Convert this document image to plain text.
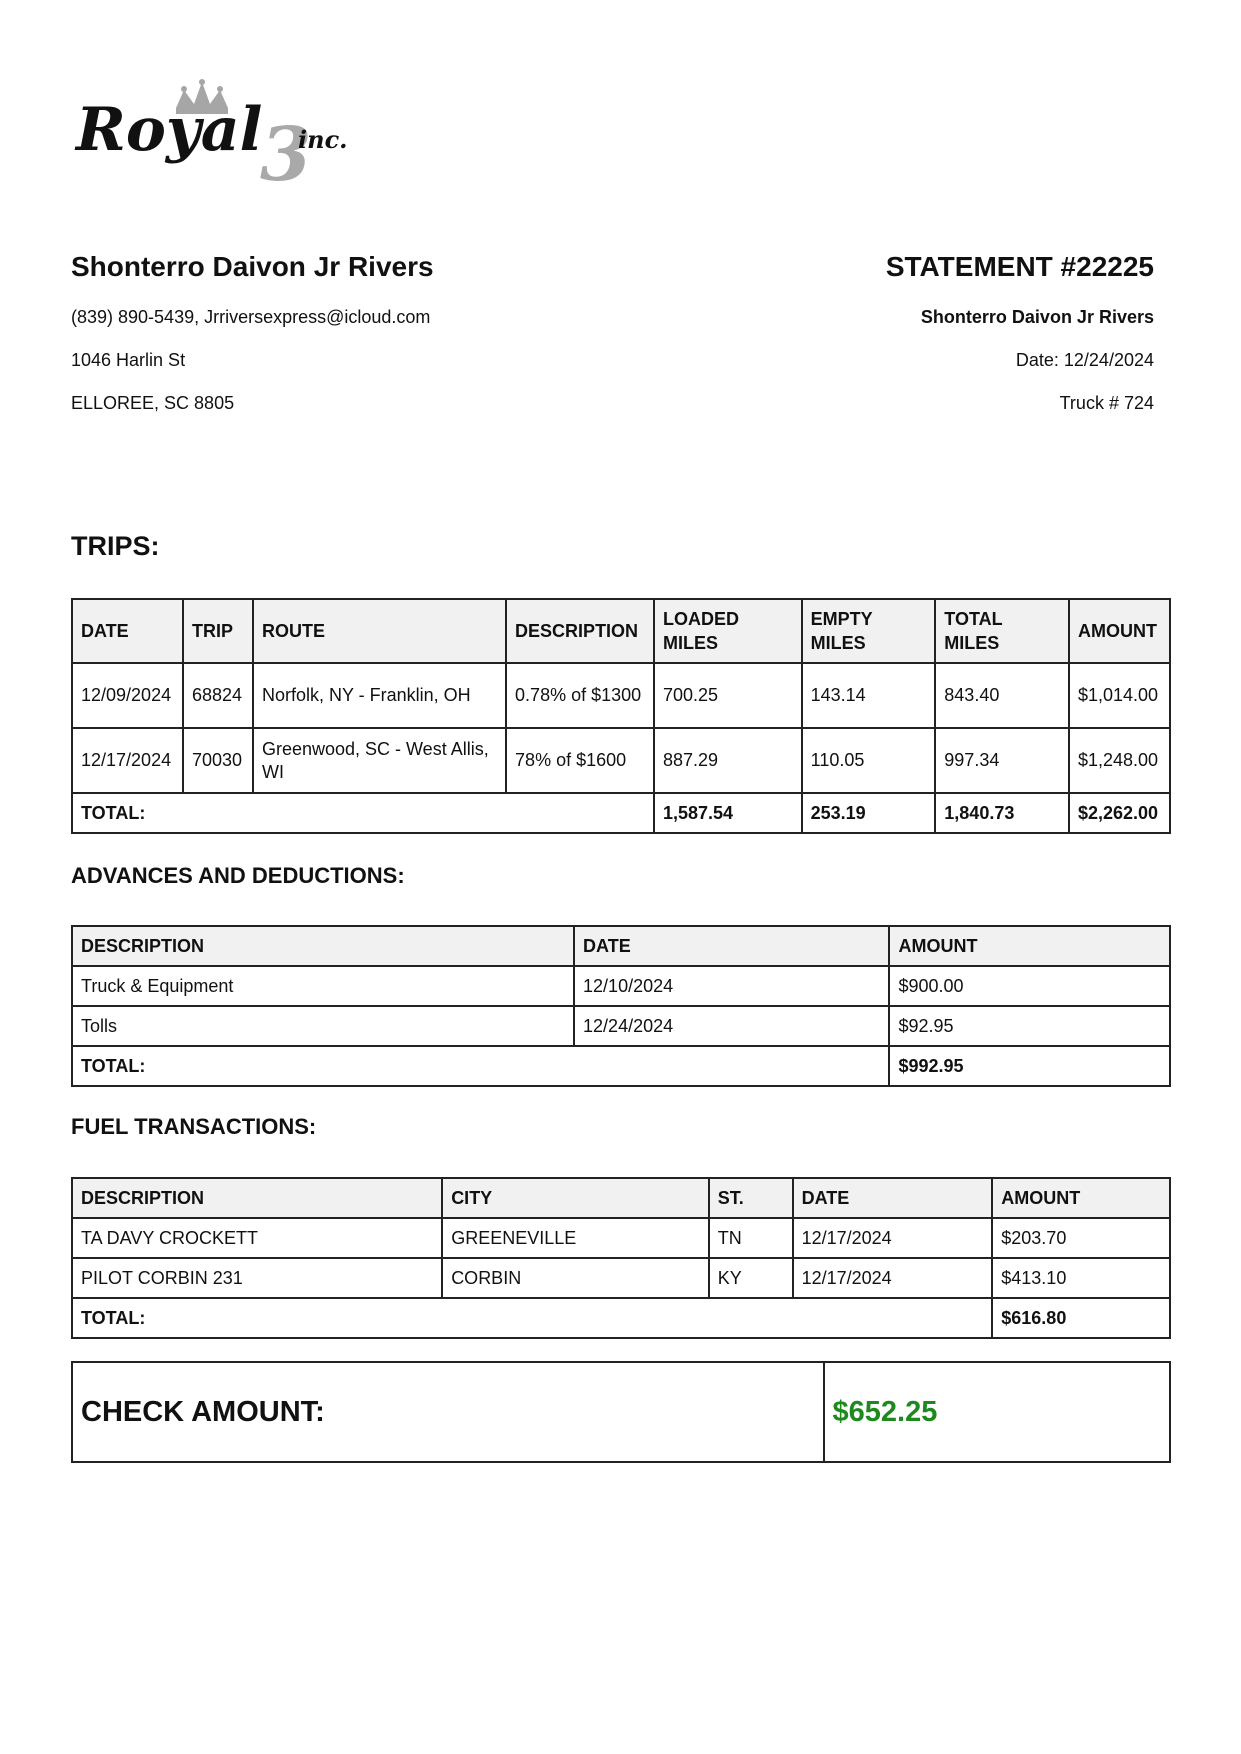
Royal
3
inc.
Shonterro Daivon Jr Rivers
(839) 890-5439, Jrriversexpress@icloud.com
1046 Harlin St
ELLOREE, SC 8805
STATEMENT #22225
Shonterro Daivon Jr Rivers
Date: 12/24/2024
Truck # 724
TRIPS:
DATE	TRIP	ROUTE	DESCRIPTION	LOADED MILES	EMPTY MILES	TOTAL MILES	AMOUNT
12/09/2024	68824	Norfolk, NY - Franklin, OH	0.78% of $1300	700.25	143.14	843.40	$1,014.00
12/17/2024	70030	Greenwood, SC - West Allis, WI	78% of $1600	887.29	110.05	997.34	$1,248.00
TOTAL:				1,587.54	253.19	1,840.73	$2,262.00
ADVANCES AND DEDUCTIONS:
DESCRIPTION	DATE	AMOUNT
Truck & Equipment	12/10/2024	$900.00
Tolls	12/24/2024	$92.95
TOTAL:		$992.95
FUEL TRANSACTIONS:
DESCRIPTION	CITY	ST.	DATE	AMOUNT
TA DAVY CROCKETT	GREENEVILLE	TN	12/17/2024	$203.70
PILOT CORBIN 231	CORBIN	KY	12/17/2024	$413.10
TOTAL:				$616.80
CHECK AMOUNT:	$652.25
